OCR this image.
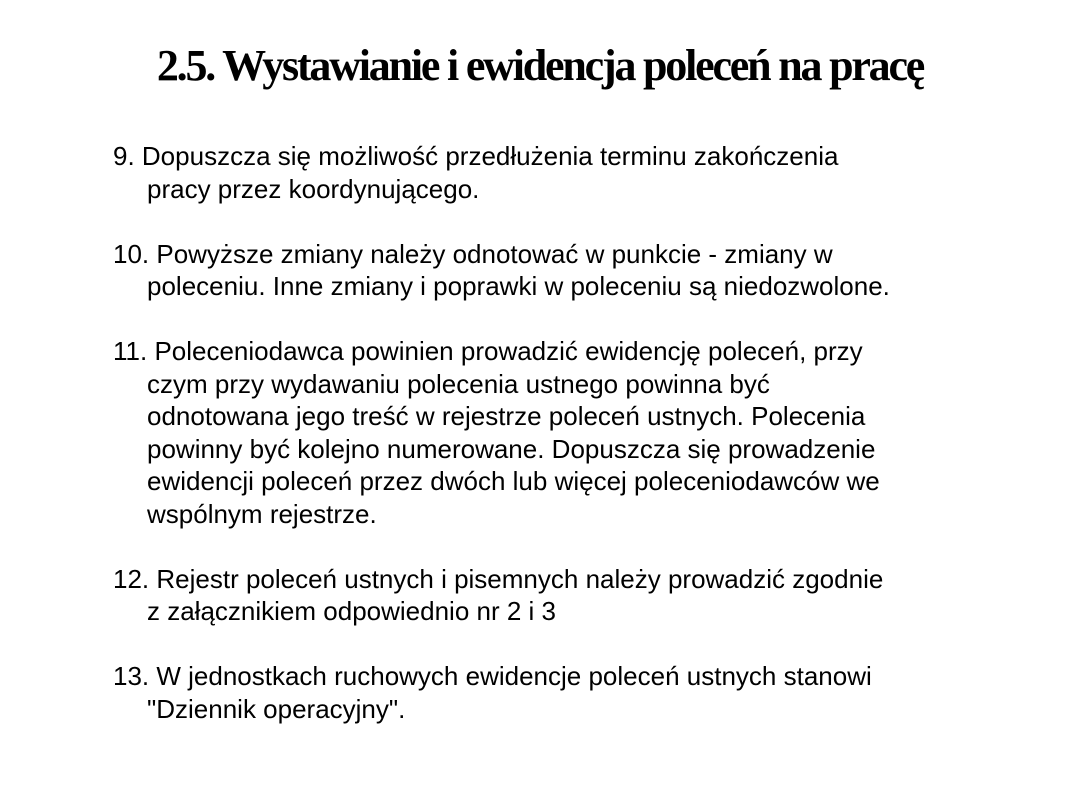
2.5. Wystawianie i ewidencja poleceń na pracę
9. Dopuszcza się możliwość przedłużenia terminu zakończenia
pracy przez koordynującego.
10. Powyższe zmiany należy odnotować w punkcie - zmiany w
poleceniu. Inne zmiany i poprawki w poleceniu są niedozwolone.
11. Poleceniodawca powinien prowadzić ewidencję poleceń, przy
czym przy wydawaniu polecenia ustnego powinna być
odnotowana jego treść w rejestrze poleceń ustnych. Polecenia
powinny być kolejno numerowane. Dopuszcza się prowadzenie
ewidencji poleceń przez dwóch lub więcej poleceniodawców we
wspólnym rejestrze.
12. Rejestr poleceń ustnych i pisemnych należy prowadzić zgodnie
z załącznikiem odpowiednio nr 2 i 3
13. W jednostkach ruchowych ewidencje poleceń ustnych stanowi
"Dziennik operacyjny".
